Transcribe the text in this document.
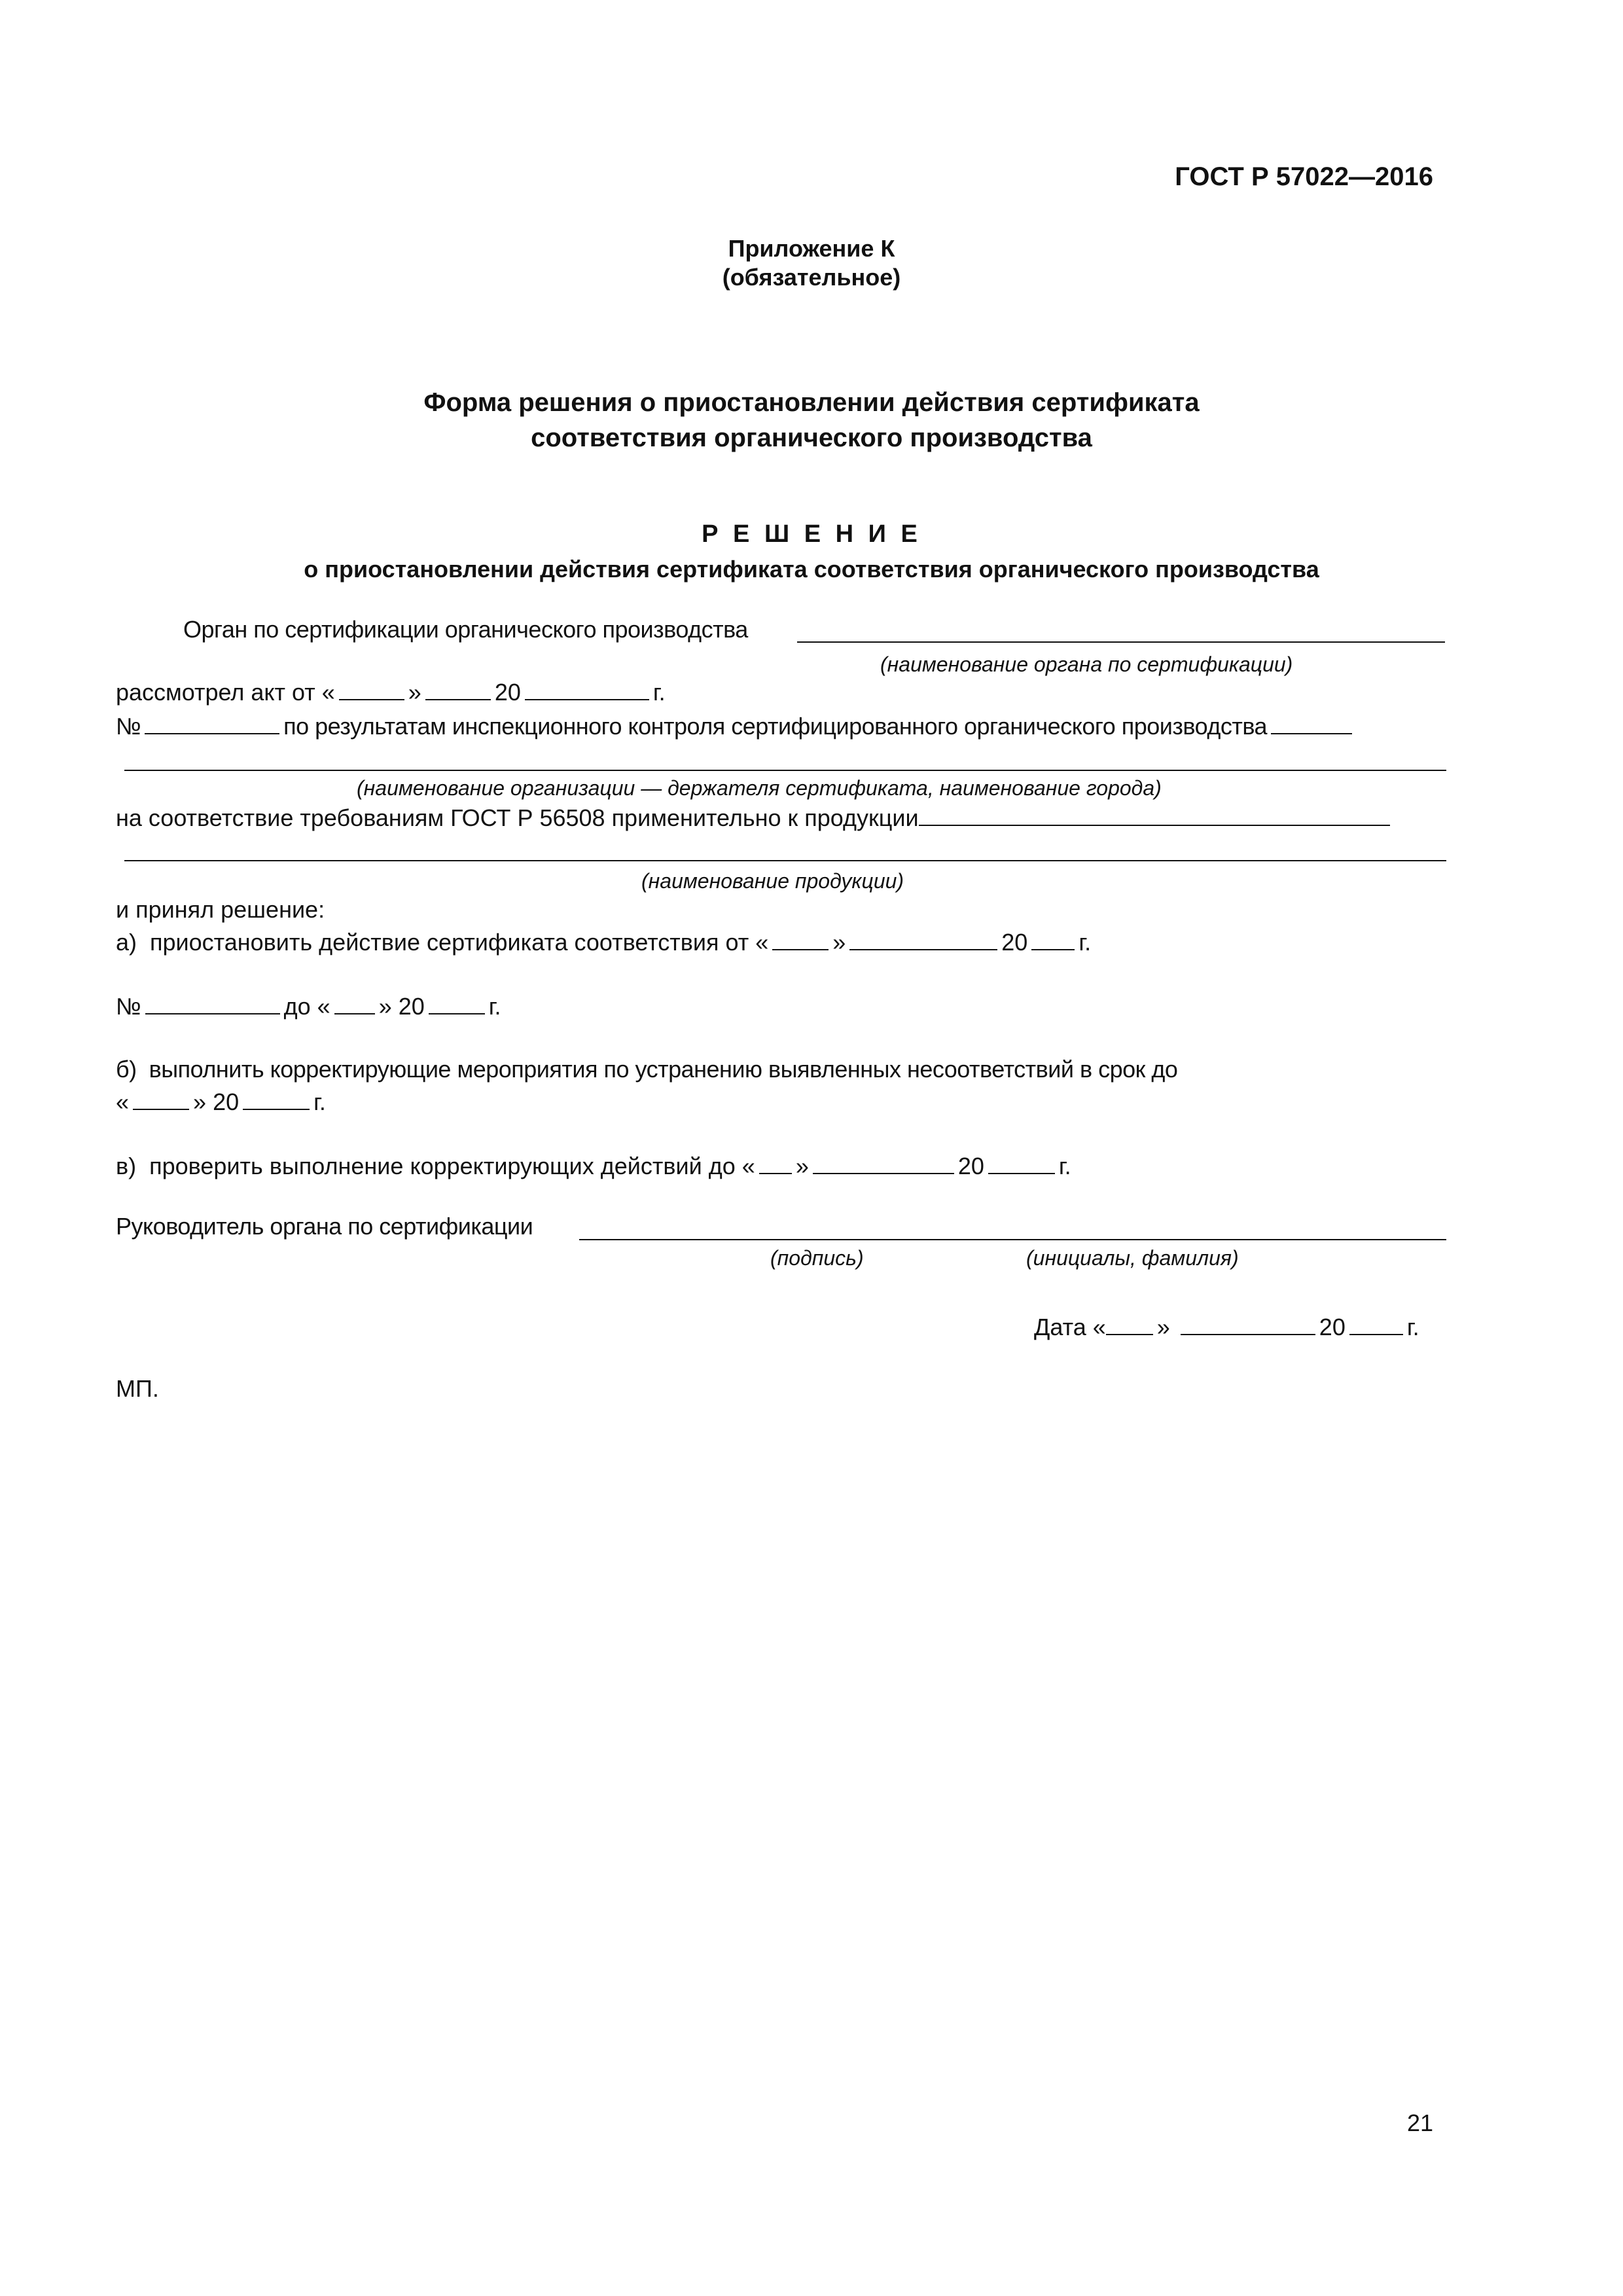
ГОСТ Р 57022—2016
Приложение К
(обязательное)
Форма решения о приостановлении действия сертификата
соответствия органического производства
Р Е Ш Е Н И Е
о приостановлении действия сертификата соответствия органического производства
Орган по сертификации органического производства
(наименование органа по сертификации)
рассмотрел акт от «	»	20	г.
№	по результатам инспекционного контроля сертифицированного органического производства
(наименование организации — держателя сертификата, наименование города)
на соответствие требованиям ГОСТ Р 56508 применительно к продукции
(наименование продукции)
и принял решение:
а) приостановить действие сертификата соответствия от «	»	20 г.
№	до « » 20	г.
б) выполнить корректирующие мероприятия по устранению выявленных несоответствий в срок до
«	» 20	г.
в) проверить выполнение корректирующих действий до « »	20	г.
Руководитель органа по сертификации
(подпись)	(инициалы, фамилия)
Дата « »	20	г.
МП.
21
